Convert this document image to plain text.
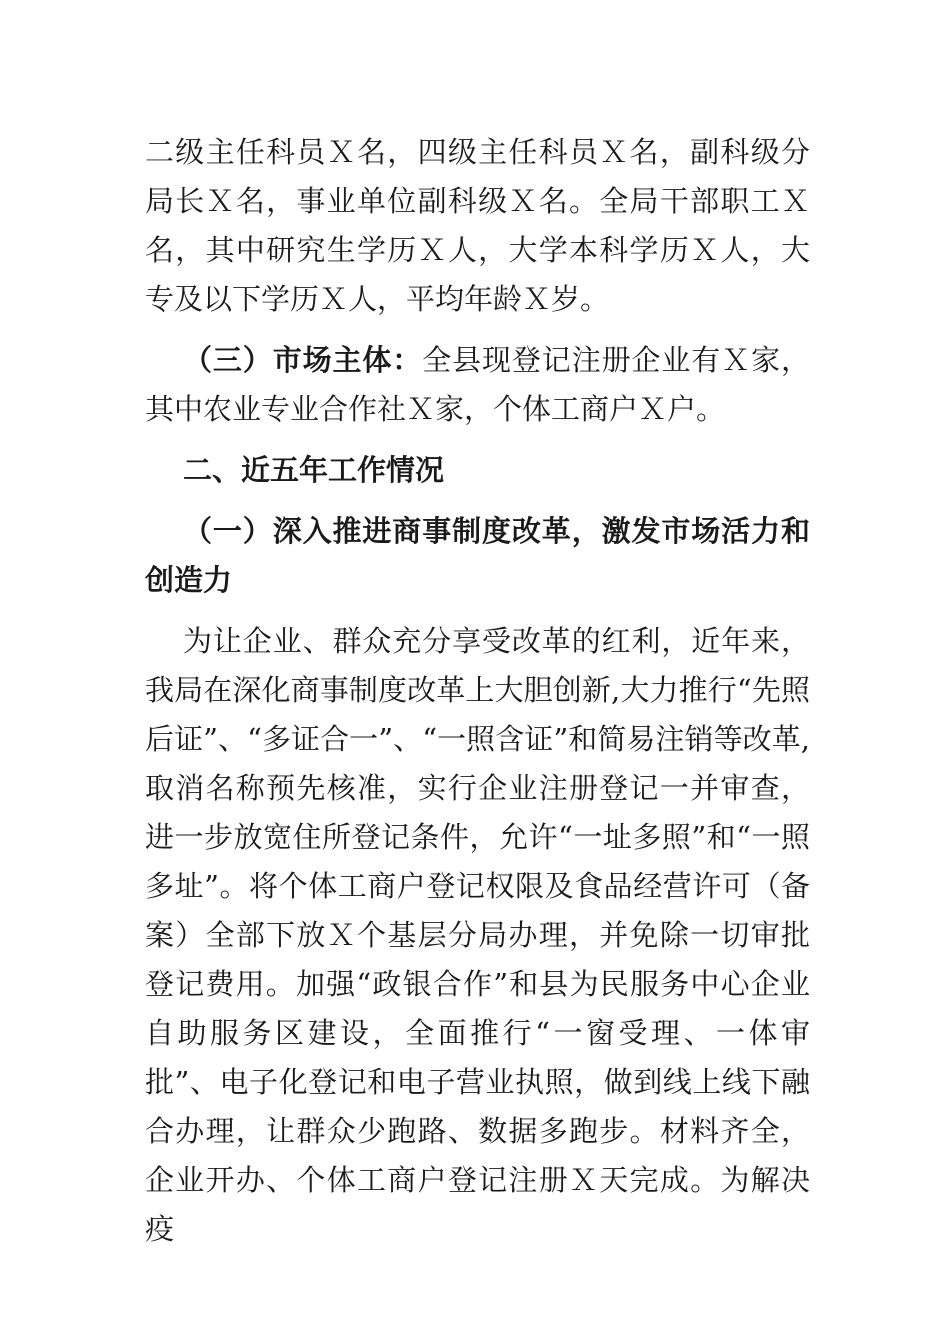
二级主任科员Ｘ名，四级主任科员Ｘ名，副科级分局长Ｘ名，事业单位副科级Ｘ名。全局干部职工Ｘ名，其中研究生学历Ｘ人，大学本科学历Ｘ人，大专及以下学历Ｘ人，平均年龄Ｘ岁。

（三）市场主体：全县现登记注册企业有Ｘ家，其中农业专业合作社Ｘ家，个体工商户Ｘ户。

二、近五年工作情况

（一）深入推进商事制度改革，激发市场活力和创造力

为让企业、群众充分享受改革的红利，近年来，我局在深化商事制度改革上大胆创新,大力推行“先照后证”、“多证合一”、“一照含证”和简易注销等改革,取消名称预先核准，实行企业注册登记一并审查，进一步放宽住所登记条件，允许“一址多照”和“一照多址”。将个体工商户登记权限及食品经营许可（备案）全部下放Ｘ个基层分局办理，并免除一切审批登记费用。加强“政银合作”和县为民服务中心企业自助服务区建设，全面推行“一窗受理、一体审批”、电子化登记和电子营业执照，做到线上线下融合办理，让群众少跑路、数据多跑步。材料齐全，企业开办、个体工商户登记注册Ｘ天完成。为解决疫
